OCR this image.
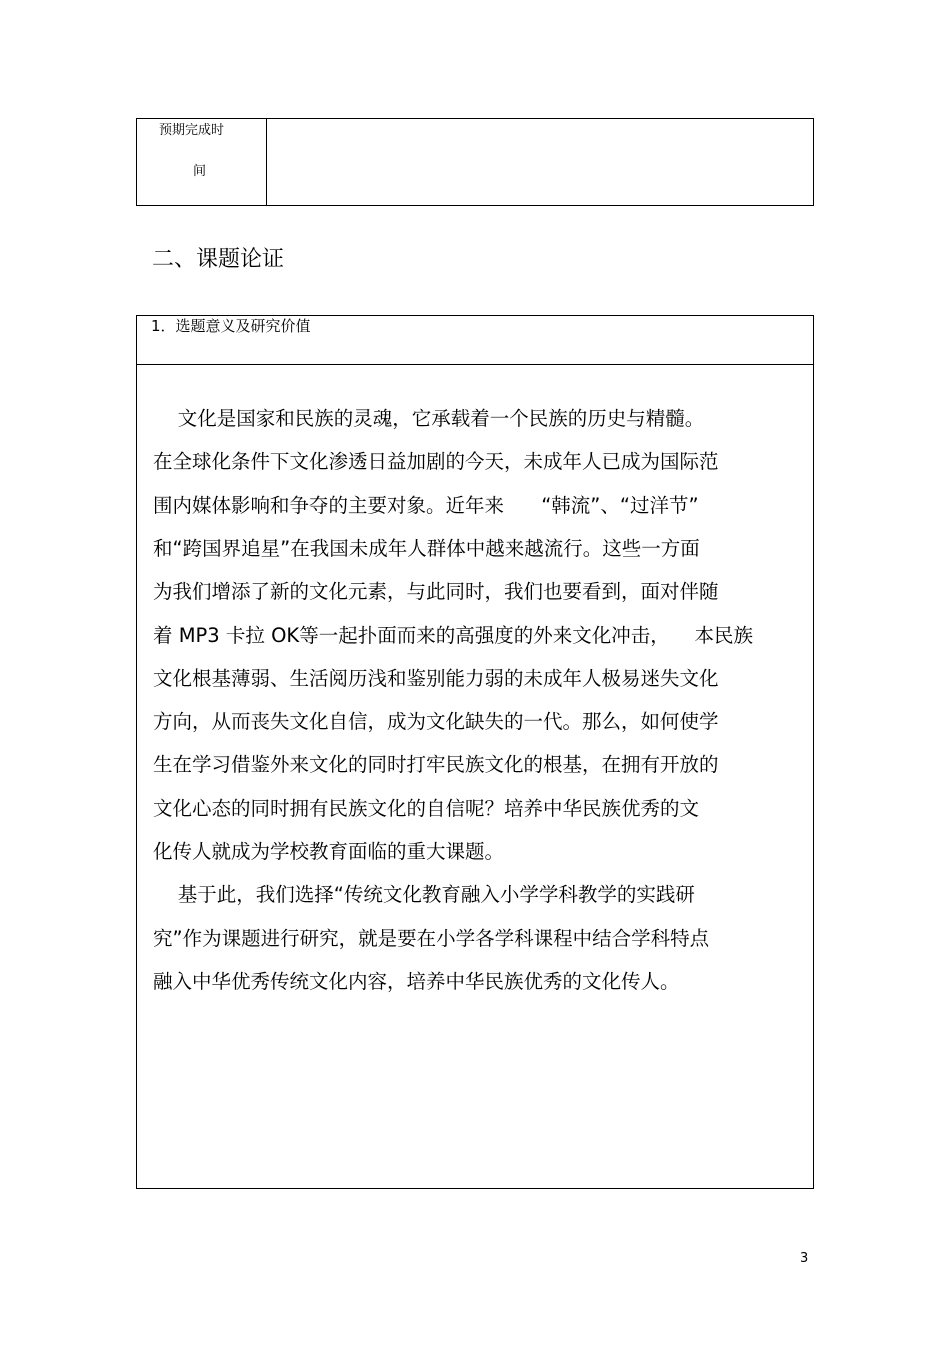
预期完成时
间
二、课题论证
1．选题意义及研究价值
文化是国家和民族的灵魂，它承载着一个民族的历史与精髓。
在全球化条件下文化渗透日益加剧的今天，未成年人已成为国际范
围内媒体影响和争夺的主要对象。近年来      “韩流”、“过洋节”
和“跨国界追星”在我国未成年人群体中越来越流行。这些一方面
为我们增添了新的文化元素，与此同时，我们也要看到，面对伴随
着 MP3 卡拉 OK等一起扑面而来的高强度的外来文化冲击，    本民族
文化根基薄弱、生活阅历浅和鉴别能力弱的未成年人极易迷失文化
方向，从而丧失文化自信，成为文化缺失的一代。那么，如何使学
生在学习借鉴外来文化的同时打牢民族文化的根基，在拥有开放的
文化心态的同时拥有民族文化的自信呢？培养中华民族优秀的文
化传人就成为学校教育面临的重大课题。
基于此，我们选择“传统文化教育融入小学学科教学的实践研
究”作为课题进行研究，就是要在小学各学科课程中结合学科特点
融入中华优秀传统文化内容，培养中华民族优秀的文化传人。
3
